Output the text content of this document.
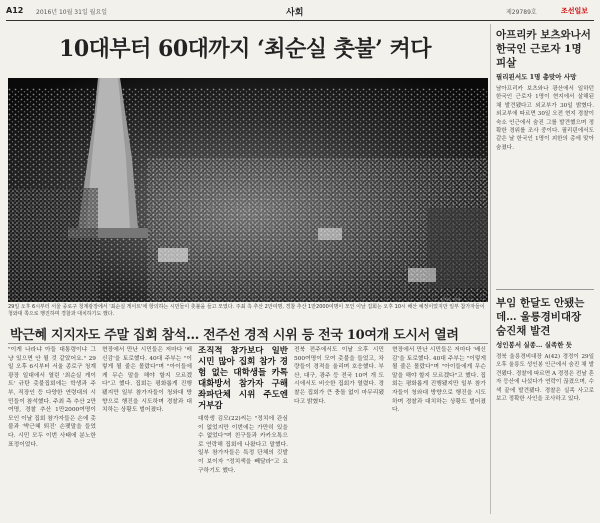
A12 2016년 10월 31일 월요일	사회	제29789호	조선일보
10대부터 60대까지 ‘최순실 촛불’ 켜다
김지호 기자
29일 오후 6시부터 서울 종로구 청계광장에서 '최순실 게이트'에 항의하는 시민들이 촛불을 들고 모였다. 주최 측 추산 2만여명, 경찰 추산 1만2000여명이 모인 이날 집회는 오후 10시 해산 예정이었지만 일부 참가자들이 청와대 쪽으로 행진하며 경찰과 대치하기도 했다.
박근혜 지지자도 주말 집회 참석… 전주선 경적 시위 등 전국 10여개 도시서 열려

"이게 나라냐 아들 대통령이냐 그냥 있으면 안 될 것 같았어요." 29일 오후 6시부터 서울 종로구 청계광장 일대에서 열린 '최순실 게이트' 규탄 촛불집회에는 학생과 주부, 직장인 등 다양한 연령대의 시민들이 참석했다. 주최 측 추산 2만여명, 경찰 추산 1만2000여명이 모인 이날 집회 참가자들은 손에 촛불과 '박근혜 퇴진' 손팻말을 들었다. 시민 모두 이번 사태에 분노한 표정이었다.

현장에서 만난 시민들은 저마다 '배신감'을 토로했다. 40대 주부는 "이렇게 될 줄은 몰랐다"며 "아이들에게 무슨 말을 해야 할지 모르겠다"고 했다. 집회는 평화롭게 진행됐지만 일부 참가자들이 청와대 방향으로 행진을 시도하며 경찰과 대치하는 상황도 벌어졌다.

조직적 참가보다 일반 시민 많아 집회 참가 경험 없는 대학생들 카톡 대화방서 참가자 구해 좌파단체 시위 주도엔 거부감

대학생 김모(22)씨는 "정치에 관심이 없었지만 이번에는 가만히 있을 수 없었다"며 친구들과 카카오톡으로 연락해 집회에 나왔다고 말했다. 일부 참가자들은 특정 단체의 깃발이 보이자 "정치색을 빼달라"고 요구하기도 했다.

전북 전주에서도 이날 오후 시민 500여명이 모여 촛불을 들었고, 차량들이 경적을 울리며 호응했다. 부산, 대구, 광주 등 전국 10여 개 도시에서도 비슷한 집회가 열렸다. 경찰은 집회가 큰 충돌 없이 마무리됐다고 밝혔다.

현장에서 만난 시민들은 저마다 '배신감'을 토로했다. 40대 주부는 "이렇게 될 줄은 몰랐다"며 "아이들에게 무슨 말을 해야 할지 모르겠다"고 했다. 집회는 평화롭게 진행됐지만 일부 참가자들이 청와대 방향으로 행진을 시도하며 경찰과 대치하는 상황도 벌어졌다.

아프리카 보츠와나서 한국인 근로자 1명 피살
필리핀서도 1명 총맞아 사망
남아프리카 보츠와나 광산에서 일하던 한국인 근로자 1명이 현지에서 살해된 채 발견됐다고 외교부가 30일 밝혔다. 외교부에 따르면 30일 오전 현지 경찰이 숙소 인근에서 숨진 그를 발견했으며 정확한 경위를 조사 중이다. 필리핀에서도 같은 날 한국인 1명이 괴한의 총에 맞아 숨졌다.
부임 한달도 안됐는데… 울릉경비대장 숨진채 발견
성인봉서 실종… 실족한 듯
경북 울릉경비대장 A(42) 경정이 29일 오후 울릉도 성인봉 인근에서 숨진 채 발견됐다. 경찰에 따르면 A 경정은 전날 혼자 등산에 나섰다가 연락이 끊겼으며, 수색 끝에 발견됐다. 경찰은 실족 사고로 보고 정확한 사인을 조사하고 있다.
